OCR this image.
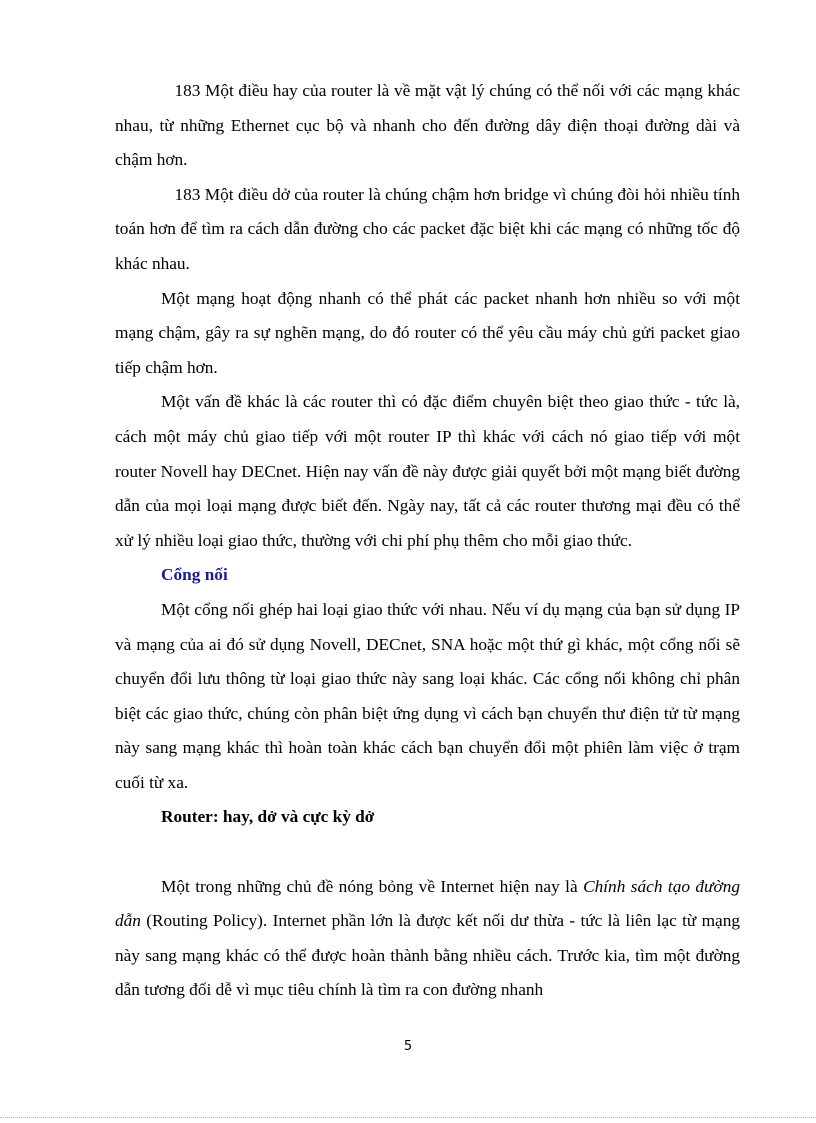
183 Một điều hay của router là về mặt vật lý chúng có thể nối với các mạng khác nhau, từ những Ethernet cục bộ và nhanh cho đến đường dây điện thoại đường dài và chậm hơn.

183 Một điều dở của router là chúng chậm hơn bridge vì chúng đòi hỏi nhiều tính toán hơn để tìm ra cách dẫn đường cho các packet đặc biệt khi các mạng có những tốc độ khác nhau.

Một mạng hoạt động nhanh có thể phát các packet nhanh hơn nhiều so với một mạng chậm, gây ra sự nghẽn mạng, do đó router có thể yêu cầu máy chủ gửi packet giao tiếp chậm hơn.

Một vấn đề khác là các router thì có đặc điểm chuyên biệt theo giao thức - tức là, cách một máy chủ giao tiếp với một router IP thì khác với cách nó giao tiếp với một router Novell hay DECnet. Hiện nay vấn đề này được giải quyết bởi một mạng biết đường dẫn của mọi loại mạng được biết đến. Ngày nay, tất cả các router thương mại đều có thể xử lý nhiều loại giao thức, thường với chi phí phụ thêm cho mỗi giao thức.

Cổng nối

Một cổng nối ghép hai loại giao thức với nhau. Nếu ví dụ mạng của bạn sử dụng IP và mạng của ai đó sử dụng Novell, DECnet, SNA hoặc một thứ gì khác, một cổng nối sẽ chuyển đổi lưu thông từ loại giao thức này sang loại khác. Các cổng nối không chỉ phân biệt các giao thức, chúng còn phân biệt ứng dụng vì cách bạn chuyển thư điện tử từ mạng này sang mạng khác thì hoàn toàn khác cách bạn chuyển đổi một phiên làm việc ở trạm cuối từ xa.

Router: hay, dở và cực kỳ dở

Một trong những chủ đề nóng bỏng về Internet hiện nay là Chính sách tạo đường dẫn (Routing Policy). Internet phần lớn là được kết nối dư thừa - tức là liên lạc từ mạng này sang mạng khác có thể được hoàn thành bằng nhiều cách. Trước kia, tìm một đường dẫn tương đối dễ vì mục tiêu chính là tìm ra con đường nhanh

5
